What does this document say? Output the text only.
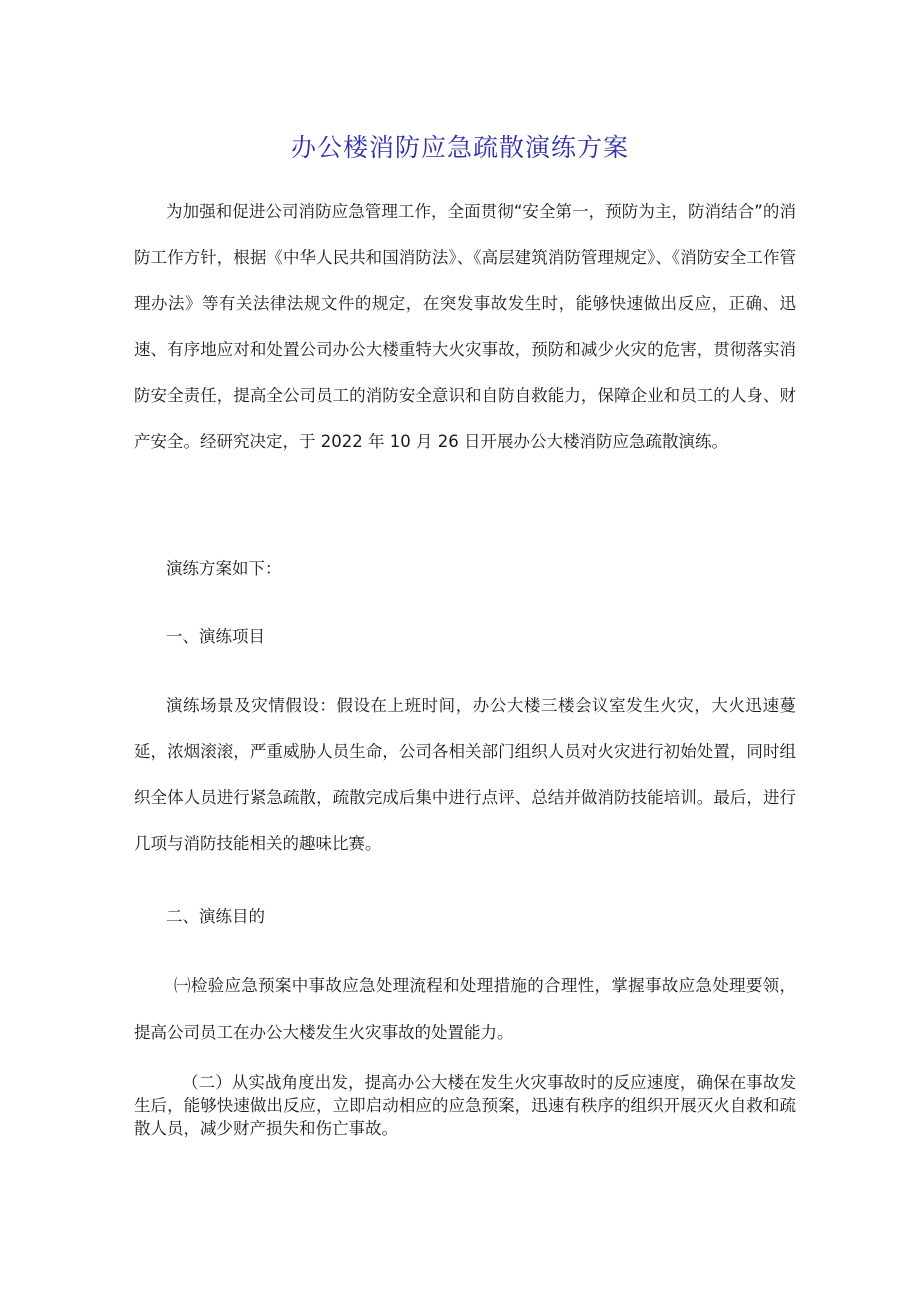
办公楼消防应急疏散演练方案

为加强和促进公司消防应急管理工作，全面贯彻“安全第一，预防为主，防消结合”的消防工作方针，根据《中华人民共和国消防法》、《高层建筑消防管理规定》、《消防安全工作管理办法》等有关法律法规文件的规定，在突发事故发生时，能够快速做出反应，正确、迅速、有序地应对和处置公司办公大楼重特大火灾事故，预防和减少火灾的危害，贯彻落实消防安全责任，提高全公司员工的消防安全意识和自防自救能力，保障企业和员工的人身、财产安全。经研究决定，于 2022 年 10 月 26 日开展办公大楼消防应急疏散演练。

演练方案如下：

一、演练项目

演练场景及灾情假设：假设在上班时间，办公大楼三楼会议室发生火灾，大火迅速蔓延，浓烟滚滚，严重威胁人员生命，公司各相关部门组织人员对火灾进行初始处置，同时组织全体人员进行紧急疏散，疏散完成后集中进行点评、总结并做消防技能培训。最后，进行几项与消防技能相关的趣味比赛。

二、演练目的

㈠检验应急预案中事故应急处理流程和处理措施的合理性，掌握事故应急处理要领，提高公司员工在办公大楼发生火灾事故的处置能力。

（二）从实战角度出发，提高办公大楼在发生火灾事故时的反应速度，确保在事故发生后，能够快速做出反应，立即启动相应的应急预案，迅速有秩序的组织开展灭火自救和疏散人员，减少财产损失和伤亡事故。
